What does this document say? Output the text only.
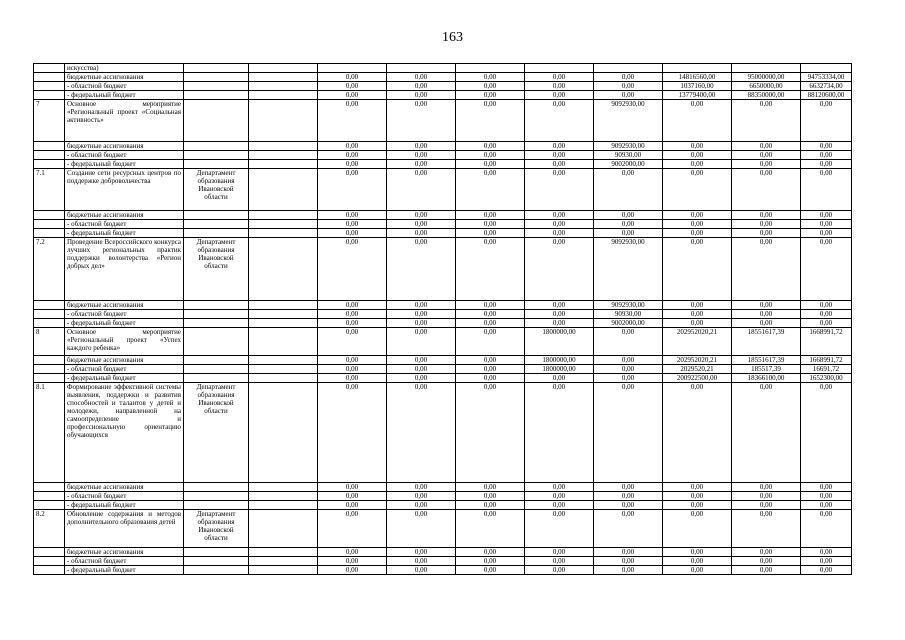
163
	искусства)											
	бюджетные ассигнования			0,00	0,00	0,00	0,00	0,00	14816560,00	95000000,00	94753334,00	
	- областной бюджет			0,00	0,00	0,00	0,00	0,00	1037160,00	6650000,00	6632734,00	
	- федеральный бюджет			0,00	0,00	0,00	0,00	0,00	13779400,00	88350000,00	88120600,00	
7	Основное мероприятие «Региональный проект «Социальная активность»			0,00	0,00	0,00	0,00	9092930,00	0,00	0,00	0,00	
	бюджетные ассигнования			0,00	0,00	0,00	0,00	9092930,00	0,00	0,00	0,00	
	- областной бюджет			0,00	0,00	0,00	0,00	90930,00	0,00	0,00	0,00	
	- федеральный бюджет			0,00	0,00	0,00	0,00	9002000,00	0,00	0,00	0,00	
7.1	Создание сети ресурсных центров по поддержке добровольчества	Департамент образования Ивановской области		0,00	0,00	0,00	0,00	0,00	0,00	0,00	0,00	
	бюджетные ассигнования			0,00	0,00	0,00	0,00	0,00	0,00	0,00	0,00	
	- областной бюджет			0,00	0,00	0,00	0,00	0,00	0,00	0,00	0,00	
	- федеральный бюджет			0,00	0,00	0,00	0,00	0,00	0,00	0,00	0,00	
7.2	Проведение Всероссийского конкурса лучших региональных практик поддержки волонтерства «Регион добрых дел»	Департамент образования Ивановской области		0,00	0,00	0,00	0,00	9092930,00	0,00	0,00	0,00	
	бюджетные ассигнования			0,00	0,00	0,00	0,00	9092930,00	0,00	0,00	0,00	
	- областной бюджет			0,00	0,00	0,00	0,00	90930,00	0,00	0,00	0,00	
	- федеральный бюджет			0,00	0,00	0,00	0,00	9002000,00	0,00	0,00	0,00	
8	Основное мероприятие «Региональный проект «Успех каждого ребенка»			0,00	0,00	0,00	1800000,00	0,00	202952020,21	18551617,39	1668991,72	
	бюджетные ассигнования			0,00	0,00	0,00	1800000,00	0,00	202952020,21	18551617,39	1668991,72	
	- областной бюджет			0,00	0,00	0,00	1800000,00	0,00	2029520,21	185517,39	16691,72	
	- федеральный бюджет			0,00	0,00	0,00	0,00	0,00	200922500,00	18366100,00	1652300,00	
8.1	Формирование эффективной системы выявления, поддержки и развития способностей и талантов у детей и молодежи, направленной на самоопределение и профессиональную ориентацию обучающихся	Департамент образования Ивановской области		0,00	0,00	0,00	0,00	0,00	0,00	0,00	0,00	
	бюджетные ассигнования			0,00	0,00	0,00	0,00	0,00	0,00	0,00	0,00	
	- областной бюджет			0,00	0,00	0,00	0,00	0,00	0,00	0,00	0,00	
	- федеральный бюджет			0,00	0,00	0,00	0,00	0,00	0,00	0,00	0,00	
8.2	Обновление содержания и методов дополнительного образования детей	Департамент образования Ивановской области		0,00	0,00	0,00	0,00	0,00	0,00	0,00	0,00	
	бюджетные ассигнования			0,00	0,00	0,00	0,00	0,00	0,00	0,00	0,00	
	- областной бюджет			0,00	0,00	0,00	0,00	0,00	0,00	0,00	0,00	
	- федеральный бюджет			0,00	0,00	0,00	0,00	0,00	0,00	0,00	0,00	
